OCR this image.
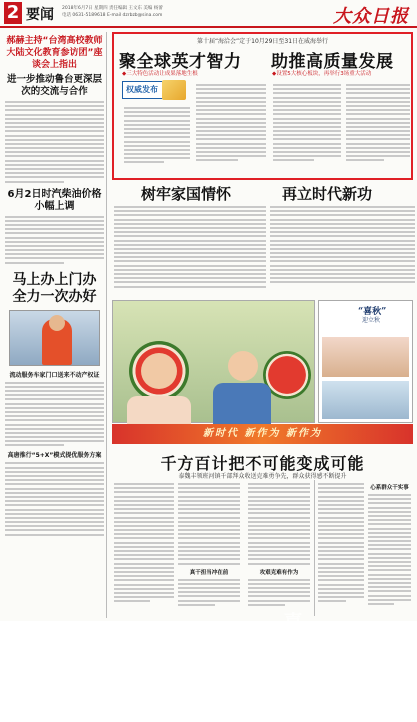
2 要闻 2018年6月7日 星期四 责任编辑 王文东 美编 杨蕾
电话 0631-5189618 E-mail dzrbzb@sina.com	大众日报
郝赫主持“台湾高校教师大陆文化教育参访团”座谈会上指出
进一步推动鲁台更深层次的交流与合作
6月2日时汽柴油价格
小幅上调
马上办上门办
全力一次办好
流动服务车家门口送来不动产权证
高唐推行“5+X”模式提优服务方案
第十届“海洽会”定于10月29日至31日在威海举行
聚全球英才智力 助推高质量发展
◆三大特色活动让成果落地生根	◆设置5大核心板块，再举行3场重大活动
权威发布
树牢家国情怀	再立时代新功
喜秋立秋
“喜秋”
迎立秋
新时代 新作为 新作为
千方百计把不可能变成可能
泰魏丰领班河镇千部拜众收送克难勇争先，群众获得感不断提升
真干担当冲在前	攻艰克难有作为
心系群众干实事
